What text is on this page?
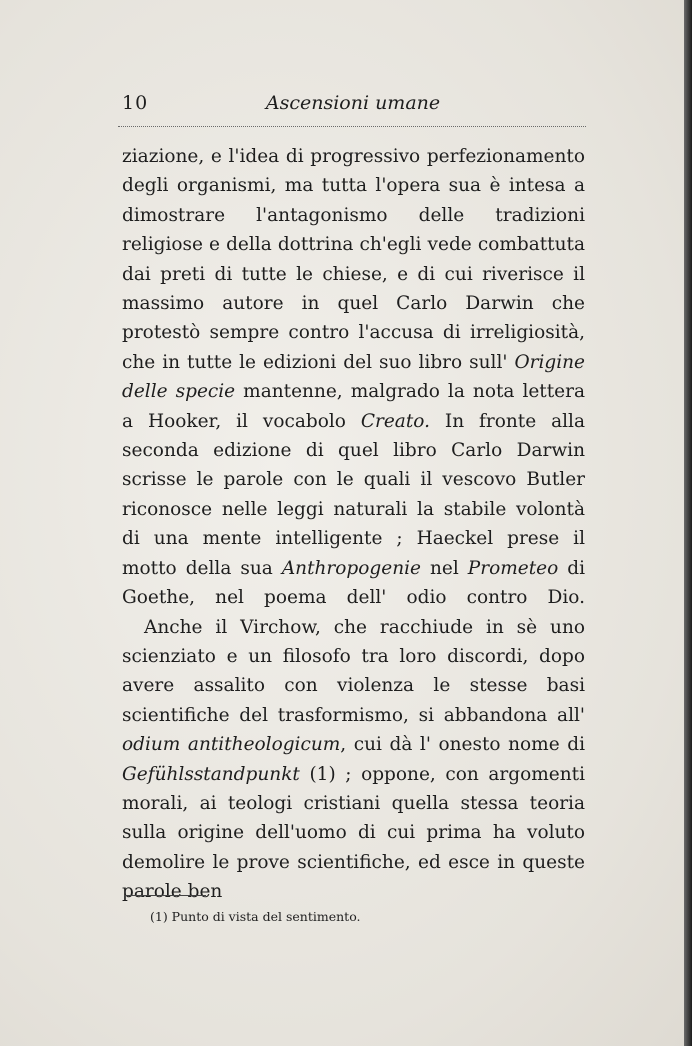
10	Ascensioni umane

ziazione, e l'idea di progressivo perfezionamento degli organismi, ma tutta l'opera sua è intesa a dimostrare l'antagonismo delle tradizioni religiose e della dottrina ch'egli vede combattuta dai preti di tutte le chiese, e di cui riverisce il massimo autore in quel Carlo Darwin che protestò sempre contro l'accusa di irreligiosità, che in tutte le edizioni del suo libro sull' Origine delle specie mantenne, malgrado la nota lettera a Hooker, il vocabolo Creato. In fronte alla seconda edizione di quel libro Carlo Darwin scrisse le parole con le quali il vescovo Butler riconosce nelle leggi naturali la stabile volontà di una mente intelligente ; Haeckel prese il motto della sua Anthropogenie nel Prometeo di Goethe, nel poema dell' odio contro Dio.

Anche il Virchow, che racchiude in sè uno scienziato e un filosofo tra loro discordi, dopo avere assalito con violenza le stesse basi scientifiche del trasformismo, si abbandona all' odium antitheologicum, cui dà l' onesto nome di Gefühlsstandpunkt (1) ; oppone, con argomenti morali, ai teologi cristiani quella stessa teoria sulla origine dell'uomo di cui prima ha voluto demolire le prove scientifiche, ed esce in queste parole ben

(1) Punto di vista del sentimento.
